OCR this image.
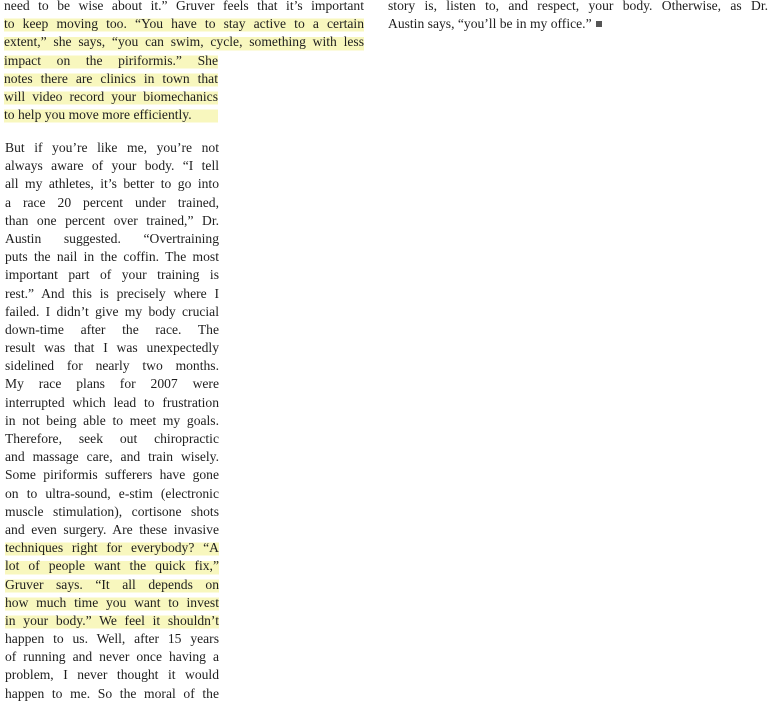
need to be wise about it.” Gruver feels that it’s important
to keep moving too. “You have to stay active to a certain
extent,” she says, “you can swim, cycle, something with less
impact on the piriformis.” She
notes there are clinics in town that
will video record your biomechanics
to help you move more efficiently.

But if you’re like me, you’re not
always aware of your body. “I tell
all my athletes, it’s better to go into
a race 20 percent under trained,
than one percent over trained,” Dr.
Austin suggested. “Overtraining
puts the nail in the coffin. The most
important part of your training is
rest.” And this is precisely where I
failed. I didn’t give my body crucial
down-time after the race. The
result was that I was unexpectedly
sidelined for nearly two months.
My race plans for 2007 were
interrupted which lead to frustration
in not being able to meet my goals.
Therefore, seek out chiropractic
and massage care, and train wisely.
Some piriformis sufferers have gone
on to ultra-sound, e-stim (electronic
muscle stimulation), cortisone shots
and even surgery. Are these invasive
techniques right for everybody? “A
lot of people want the quick fix,”
Gruver says. “It all depends on
how much time you want to invest
in your body.” We feel it shouldn’t
happen to us. Well, after 15 years
of running and never once having a
problem, I never thought it would
happen to me. So the moral of the

story is, listen to, and respect, your body. Otherwise, as Dr.
Austin says, “you’ll be in my office.”
